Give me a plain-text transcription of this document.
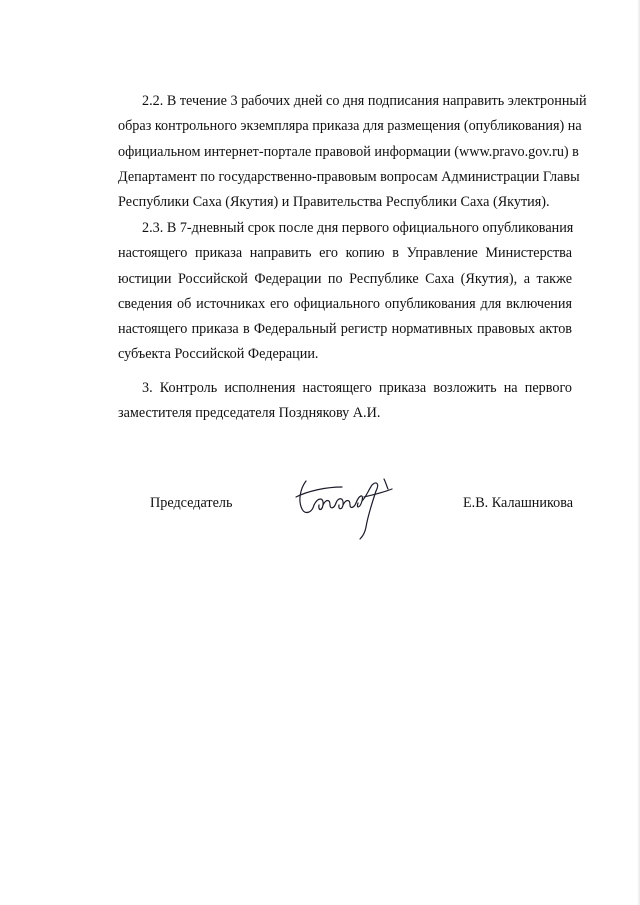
2.2. В течение 3 рабочих дней со дня подписания направить электронный
образ контрольного экземпляра приказа для размещения (опубликования) на
официальном интернет-портале правовой информации (www.pravo.gov.ru) в
Департамент по государственно-правовым вопросам Администрации Главы
Республики Саха (Якутия) и Правительства Республики Саха (Якутия).

2.3. В 7-дневный срок после дня первого официального опубликования
настоящего приказа направить его копию в Управление Министерства
юстиции Российской Федерации по Республике Саха (Якутия), а также
сведения об источниках его официального опубликования для включения
настоящего приказа в Федеральный регистр нормативных правовых актов
субъекта Российской Федерации.

3. Контроль исполнения настоящего приказа возложить на первого
заместителя председателя Позднякову А.И.

Председатель	Е.В. Калашникова
